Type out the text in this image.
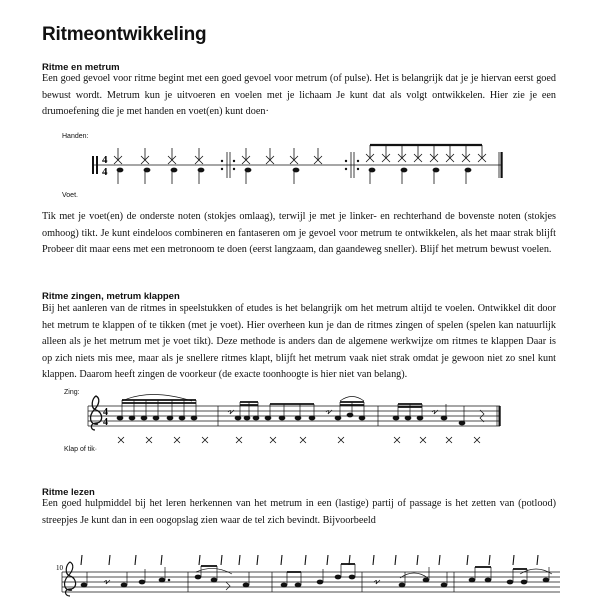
Ritmeontwikkeling
Ritme en metrum

Een goed gevoel voor ritme begint met een goed gevoel voor metrum (of pulse). Het is belangrijk dat je je hiervan eerst goed bewust wordt. Metrum kun je uitvoeren en voelen met je lichaam Je kunt dat als volgt ontwikkelen. Hier zie je een drumoefening die je met handen en voet(en) kunt doen·

Handen:
Voet.
4
4

Tik met je voet(en) de onderste noten (stokjes omlaag), terwijl je met je linker- en rechterhand de bovenste noten (stokjes omhoog) tikt. Je kunt eindeloos combineren en fantaseren om je gevoel voor metrum te ontwikkelen, als het maar strak blijft Probeer dit maar eens met een metronoom te doen (eerst langzaam, dan gaandeweg sneller). Blijf het metrum bewust voelen.

Ritme zingen, metrum klappen

Bij het aanleren van de ritmes in speelstukken of etudes is het belangrijk om het metrum altijd te voelen. Ontwikkel dit door het metrum te klappen of te tikken (met je voet). Hier overheen kun je dan de ritmes zingen of spelen (spelen kan natuurlijk alleen als je het metrum met je voet tikt). Deze methode is anders dan de algemene werkwijze om ritmes te klappen Daar is op zich niets mis mee, maar als je snellere ritmes klapt, blijft het metrum vaak niet strak omdat je gewoon niet zo snel kunt klappen. Daarom heeft zingen de voorkeur (de exacte toonhoogte is hier niet van belang).

Zing:
Klap of tik·
4
4
Ritme lezen

Een goed hulpmiddel bij het leren herkennen van het metrum in een (lastige) partij of passage is het zetten van (potlood) streepjes Je kunt dan in een oogopslag zien waar de tel zich bevindt. Bijvoorbeeld

10
